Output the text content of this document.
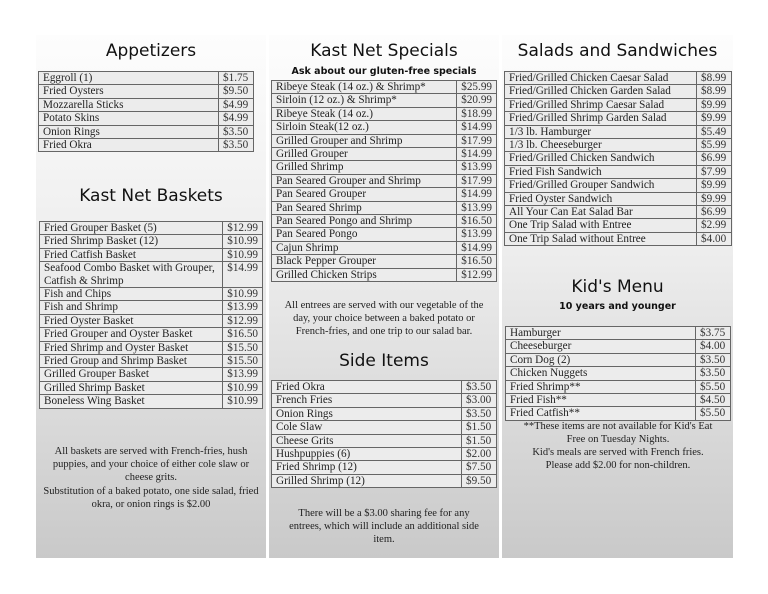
Appetizers
Eggroll (1)	$1.75
Fried Oysters	$9.50
Mozzarella Sticks	$4.99
Potato Skins	$4.99
Onion Rings	$3.50
Fried Okra	$3.50
Kast Net Baskets
Fried Grouper Basket (5)	$12.99
Fried Shrimp Basket (12)	$10.99
Fried Catfish Basket	$10.99
Seafood Combo Basket with Grouper, Catfish & Shrimp	$14.99
Fish and Chips	$10.99
Fish and Shrimp	$13.99
Fried Oyster Basket	$12.99
Fried Grouper and Oyster Basket	$16.50
Fried Shrimp and Oyster Basket	$15.50
Fried Group and Shrimp Basket	$15.50
Grilled Grouper Basket	$13.99
Grilled Shrimp Basket	$10.99
Boneless Wing Basket	$10.99
All baskets are served with French-fries, hush puppies, and your choice of either cole slaw or cheese grits.
Substitution of a baked potato, one side salad, fried okra, or onion rings is $2.00
Kast Net Specials
Ask about our gluten-free specials
Ribeye Steak (14 oz.) & Shrimp*	$25.99
Sirloin (12 oz.) & Shrimp*	$20.99
Ribeye Steak (14 oz.)	$18.99
Sirloin Steak(12 oz.)	$14.99
Grilled Grouper and Shrimp	$17.99
Grilled Grouper	$14.99
Grilled Shrimp	$13.99
Pan Seared Grouper and Shrimp	$17.99
Pan Seared Grouper	$14.99
Pan Seared Shrimp	$13.99
Pan Seared Pongo and Shrimp	$16.50
Pan Seared Pongo	$13.99
Cajun Shrimp	$14.99
Black Pepper Grouper	$16.50
Grilled Chicken Strips	$12.99
All entrees are served with our vegetable of the day, your choice between a baked potato or French-fries, and one trip to our salad bar.
Side Items
Fried Okra	$3.50
French Fries	$3.00
Onion Rings	$3.50
Cole Slaw	$1.50
Cheese Grits	$1.50
Hushpuppies (6)	$2.00
Fried Shrimp (12)	$7.50
Grilled Shrimp (12)	$9.50
There will be a $3.00 sharing fee for any entrees, which will include an additional side item.
Salads and Sandwiches
Fried/Grilled Chicken Caesar Salad	$8.99
Fried/Grilled Chicken Garden Salad	$8.99
Fried/Grilled Shrimp Caesar Salad	$9.99
Fried/Grilled Shrimp Garden Salad	$9.99
1/3 lb. Hamburger	$5.49
1/3 lb. Cheeseburger	$5.99
Fried/Grilled Chicken Sandwich	$6.99
Fried Fish Sandwich	$7.99
Fried/Grilled Grouper Sandwich	$9.99
Fried Oyster Sandwich	$9.99
All Your Can Eat Salad Bar	$6.99
One Trip Salad with Entree	$2.99
One Trip Salad without Entree	$4.00
Kid's Menu
10 years and younger
Hamburger	$3.75
Cheeseburger	$4.00
Corn Dog (2)	$3.50
Chicken Nuggets	$3.50
Fried Shrimp**	$5.50
Fried Fish**	$4.50
Fried Catfish**	$5.50
**These items are not available for Kid's Eat Free on Tuesday Nights.
Kid's meals are served with French fries.
Please add $2.00 for non-children.
